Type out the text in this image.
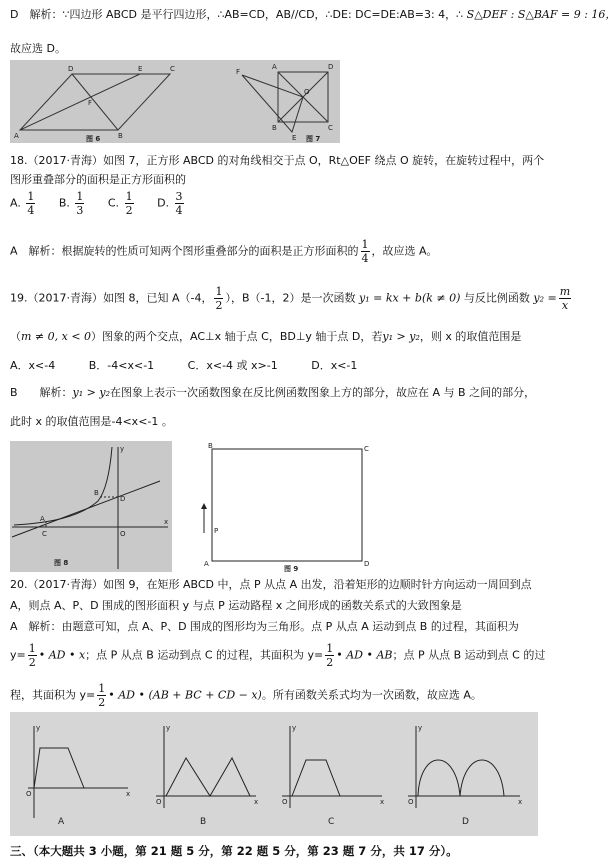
D　解析：∵四边形 ABCD 是平行四边形，∴AB=CD，AB//CD，∴DE: DC=DE:AB=3: 4，∴ S△DEF : S△BAF = 9 : 16，
故应选 D。
D	E	C
F
A	B
图 6
F
A	D
O
B	C
E 图 7
18.（2017·青海）如图 7，正方形 ABCD 的对角线相交于点 O，Rt△OEF 绕点 O 旋转，在旋转过程中，两个
图形重叠部分的面积是正方形面积的
A. $\frac{1}{4} B$. $\frac{1}{3} C$. $\frac{1}{2} D$. $\frac{3}{4}$
A　解析：根据旋转的性质可知两个图形重叠部分的面积是正方形面积的 $\frac{1}{4}$ ，故应选 A。
19.（2017·青海）如图 8，已知 A（-4， $\frac{1}{2}$ ），B（-1，2）是一次函数 y₁ = kx + b(k ≠ 0) 与反比例函数 $y_2 = \frac{m}{x}$
（m ≠ 0, x < 0）图象的两个交点，AC⊥x 轴于点 C，BD⊥y 轴于点 D，若y₁ > y₂，则 x 的取值范围是
A．x<-4	B．-4<x<-1	C．x<-4 或 x>-1	D．x<-1
B　　解析：y₁ > y₂在图象上表示一次函数图象在反比例函数图象上方的部分，故应在 A 与 B 之间的部分，
此时 x 的取值范围是-4<x<-1 。
y
B
D
A
C	O
x
图 8
B	C
P
A	D
图 9
20.（2017·青海）如图 9，在矩形 ABCD 中，点 P 从点 A 出发，沿着矩形的边顺时针方向运动一周回到点
A，则点 A、P、D 围成的图形面积 y 与点 P 运动路程 x 之间形成的函数关系式的大致图象是
A　解析：由题意可知，点 A、P、D 围成的图形均为三角形。点 P 从点 A 运动到点 B 的过程，其面积为
$y= \frac{1}{2}$ • AD • x；点 P 从点 B 运动到点 C 的过程，其面积为 $y= \frac{1}{2}$ • AD • AB；点 P 从点 B 运动到点 C 的过
程，其面积为 $y= \frac{1}{2}$ • AD • (AB + BC + CD − x)。所有函数关系式均为一次函数，故应选 A。
y
O	x
A
y
O	x
B
y
O	x
C
y
O	x
D
三、（本大题共 3 小题，第 21 题 5 分，第 22 题 5 分，第 23 题 7 分，共 17 分）。
